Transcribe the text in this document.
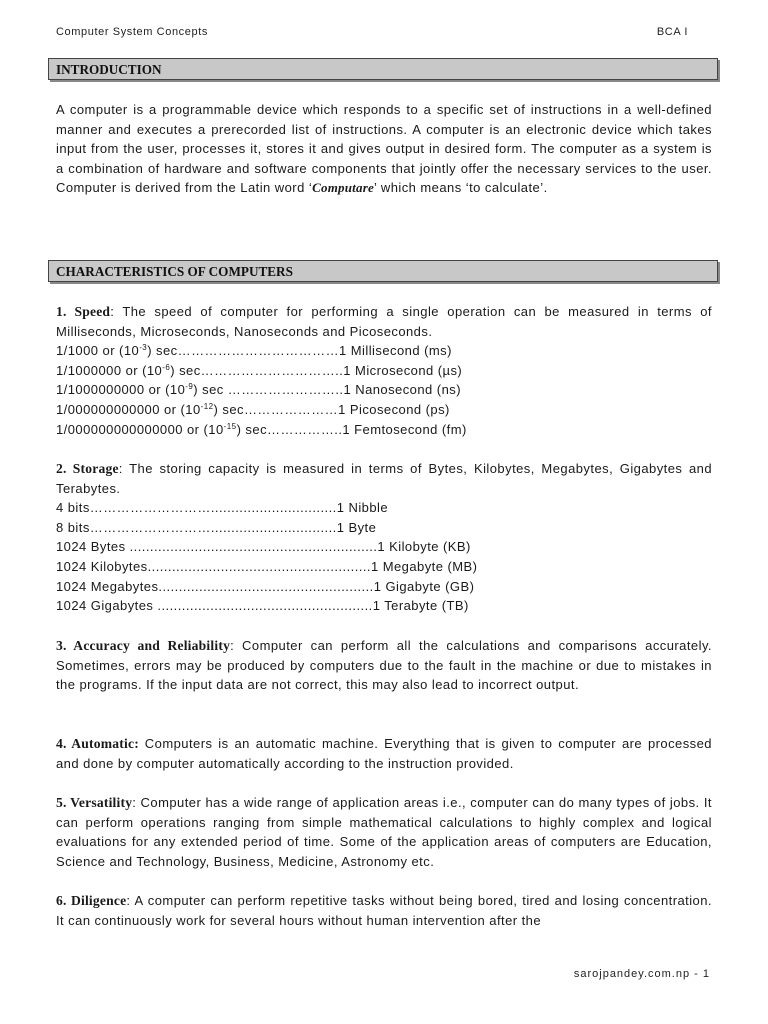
Computer System Concepts	BCA I
INTRODUCTION

A computer is a programmable device which responds to a specific set of instructions in a well-defined manner and executes a prerecorded list of instructions. A computer is an electronic device which takes input from the user, processes it, stores it and gives output in desired form. The computer as a system is a combination of hardware and software components that jointly offer the necessary services to the user. Computer is derived from the Latin word ‘Computare’ which means ‘to calculate’.

CHARACTERISTICS OF COMPUTERS

1. Speed: The speed of computer for performing a single operation can be measured in terms of Milliseconds, Microseconds, Nanoseconds and Picoseconds.

1/1000 or $(10^{-3})$ sec………………………………1 Millisecond (ms)
1/1000000 or $(10^{-6})$ sec…………………………..1 Microsecond (µs)
1/1000000000 or $(10^{-9})$ sec ……………………..1 Nanosecond (ns)
1/000000000000 or $(10^{-12})$ sec…………………1 Picosecond (ps)
1/000000000000000 or $(10^{-15})$ sec……………..1 Femtosecond (fm)

2. Storage: The storing capacity is measured in terms of Bytes, Kilobytes, Megabytes, Gigabytes and Terabytes.

4 bits………………………...............................1 Nibble
8 bits………………………...............................1 Byte
1024 Bytes .............................................................1 Kilobyte (KB)
1024 Kilobytes.......................................................1 Megabyte (MB)
1024 Megabytes.....................................................1 Gigabyte (GB)
1024 Gigabytes .....................................................1 Terabyte (TB)

3. Accuracy and Reliability: Computer can perform all the calculations and comparisons accurately. Sometimes, errors may be produced by computers due to the fault in the machine or due to mistakes in the programs. If the input data are not correct, this may also lead to incorrect output.

4. Automatic: Computers is an automatic machine. Everything that is given to computer are processed and done by computer automatically according to the instruction provided.

5. Versatility: Computer has a wide range of application areas i.e., computer can do many types of jobs. It can perform operations ranging from simple mathematical calculations to highly complex and logical evaluations for any extended period of time. Some of the application areas of computers are Education, Science and Technology, Business, Medicine, Astronomy etc.

6. Diligence: A computer can perform repetitive tasks without being bored, tired and losing concentration. It can continuously work for several hours without human intervention after the

sarojpandey.com.np - 1
